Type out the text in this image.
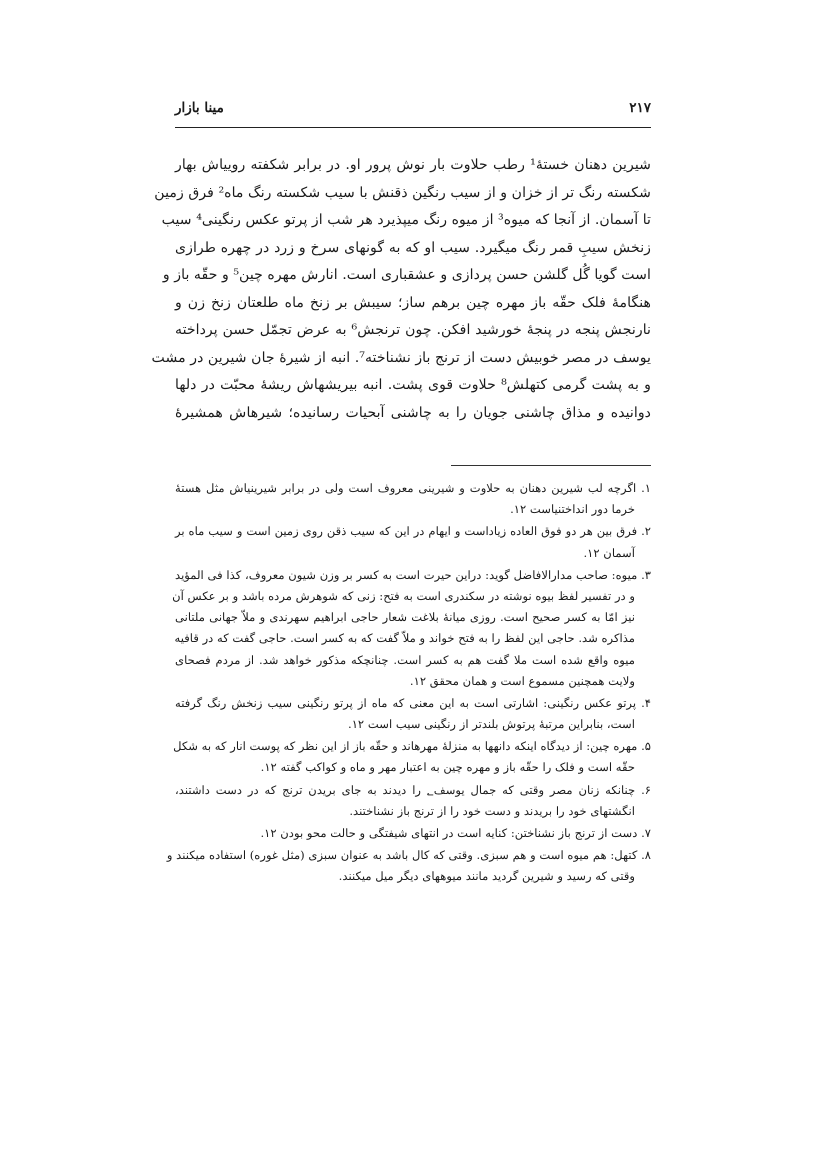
۲۱۷
مینا بازار
شیرین دهنان خستهٔ¹ رطب حلاوت بار نوش پرور او. در برابر شکفته روییاش بهار
شکسته رنگ تر از خزان و از سیب رنگین ذقنش با سیب شکسته رنگ ماه² فرق زمین
تا آسمان. از آنجا که میوه³ از میوه رنگ میپذیرد هر شب از پرتو عکس رنگینی⁴ سیب
زنخش سیبِ قمر رنگ میگیرد. سیب او که به گونهای سرخ و زرد در چهره طرازی
است گویا گُل گلشن حسن پردازی و عشقباری است. انارش مهره چین⁵ و حقّه باز و
هنگامهٔ فلک حقّه باز مهره چین برهم ساز؛ سیبش بر زنخ ماه طلعتان زنخ زن و
نارنجش پنجه در پنجهٔ خورشید افکن. چون ترنجش⁶ به عرض تجمّل حسن پرداخته
یوسف در مصر خوبیش دست از ترنج باز نشناخته⁷. انبه از شیرهٔ جان شیرین در مشت
و به پشت گرمی کتهلش⁸ حلاوت قوی پشت. انبه بیریشهاش ریشهٔ محبّت در دلها
دوانیده و مذاق چاشنی جویان را به چاشنی آبحیات رسانیده؛ شیرهاش همشیرهٔ
۱. اگرچه لب شیرین دهنان به حلاوت و شیرینی معروف است ولی در برابر شیرینیاش مثل هستهٔ
خرما دور انداختنیاست ۱۲.
۲. فرق بین هر دو فوق العاده زیاداست و ایهام در این که سیب ذقن روی زمین است و سیب ماه بر
آسمان ۱۲.
۳. میوه: صاحب مدارالافاضل گوید: دراین حیرت است به کسر بر وزن شیون معروف، کذا فی المؤید
و در تفسیر لفظ بیوه نوشته در سکندری است به فتح: زنی که شوهرش مرده باشد و بر عکس آن
نیز امّا به کسر صحیح است. روزی میانهٔ بلاغت شعار حاجی ابراهیم سهرندی و ملاّ جهانی ملتانی
مذاکره شد. حاجی این لفظ را به فتح خواند و ملاّ گفت که به کسر است. حاجی گفت که در قافیه
میوه واقع شده است ملا گفت هم به کسر است. چنانچکه مذکور خواهد شد. از مردم فصحای
ولایت همچنین مسموع است و همان محقق ۱۲.
۴. پرتو عکس رنگینی: اشارتی است به این معنی که ماه از پرتو رنگینی سیب زنخش رنگ گرفته
است، بنابراین مرتبهٔ پرتوش بلندتر از رنگینی سیب است ۱۲.
۵. مهره چین: از دیدگاه اینکه دانهها به منزلهٔ مهرهاند و حقّه باز از این نظر که پوست انار که به شکل
حقّه است و فلک را حقّه باز و مهره چین به اعتبار مهر و ماه و کواکب گفته ۱۲.
۶. چنانکه زنان مصر وقتی که جمال یوسف؂ را دیدند به جای بریدن ترنج که در دست داشتند،
انگشتهای خود را بریدند و دست خود را از ترنج باز نشناختند.
۷. دست از ترنج باز نشناختن: کنایه است در انتهای شیفتگی و حالت محو بودن ۱۲.
۸. کتهل: هم میوه است و هم سبزی. وقتی که کال باشد به عنوان سبزی (مثل غوره) استفاده میکنند و
وقتی که رسید و شیرین گردید مانند میوههای دیگر میل میکنند.
